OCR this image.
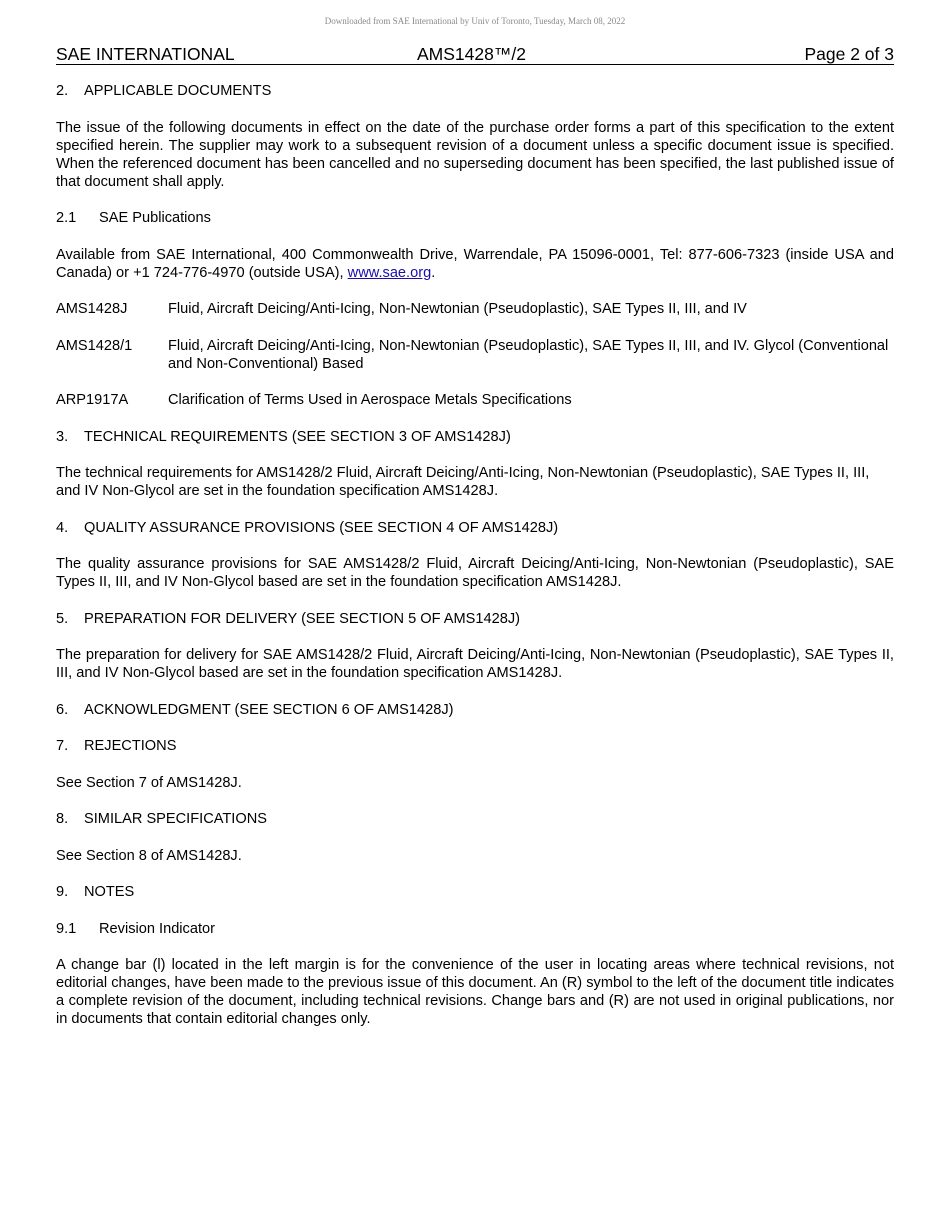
Downloaded from SAE International by Univ of Toronto, Tuesday, March 08, 2022
SAE INTERNATIONAL	AMS1428™/2	Page 2 of 3
2. APPLICABLE DOCUMENTS
The issue of the following documents in effect on the date of the purchase order forms a part of this specification to the extent specified herein. The supplier may work to a subsequent revision of a document unless a specific document issue is specified. When the referenced document has been cancelled and no superseding document has been specified, the last published issue of that document shall apply.
2.1 SAE Publications
Available from SAE International, 400 Commonwealth Drive, Warrendale, PA 15096-0001, Tel: 877-606-7323 (inside USA and Canada) or +1 724-776-4970 (outside USA), www.sae.org.
AMS1428J	Fluid, Aircraft Deicing/Anti-Icing, Non-Newtonian (Pseudoplastic), SAE Types II, III, and IV
AMS1428/1	Fluid, Aircraft Deicing/Anti-Icing, Non-Newtonian (Pseudoplastic), SAE Types II, III, and IV. Glycol (Conventional and Non-Conventional) Based
ARP1917A	Clarification of Terms Used in Aerospace Metals Specifications
3. TECHNICAL REQUIREMENTS (SEE SECTION 3 OF AMS1428J)
The technical requirements for AMS1428/2 Fluid, Aircraft Deicing/Anti-Icing, Non-Newtonian (Pseudoplastic), SAE Types II, III, and IV Non-Glycol are set in the foundation specification AMS1428J.
4. QUALITY ASSURANCE PROVISIONS (SEE SECTION 4 OF AMS1428J)
The quality assurance provisions for SAE AMS1428/2 Fluid, Aircraft Deicing/Anti-Icing, Non-Newtonian (Pseudoplastic), SAE Types II, III, and IV Non-Glycol based are set in the foundation specification AMS1428J.
5. PREPARATION FOR DELIVERY (SEE SECTION 5 OF AMS1428J)
The preparation for delivery for SAE AMS1428/2 Fluid, Aircraft Deicing/Anti-Icing, Non-Newtonian (Pseudoplastic), SAE Types II, III, and IV Non-Glycol based are set in the foundation specification AMS1428J.
6. ACKNOWLEDGMENT (SEE SECTION 6 OF AMS1428J)
7. REJECTIONS
See Section 7 of AMS1428J.
8. SIMILAR SPECIFICATIONS
See Section 8 of AMS1428J.
9. NOTES
9.1 Revision Indicator
A change bar (l) located in the left margin is for the convenience of the user in locating areas where technical revisions, not editorial changes, have been made to the previous issue of this document. An (R) symbol to the left of the document title indicates a complete revision of the document, including technical revisions. Change bars and (R) are not used in original publications, nor in documents that contain editorial changes only.
